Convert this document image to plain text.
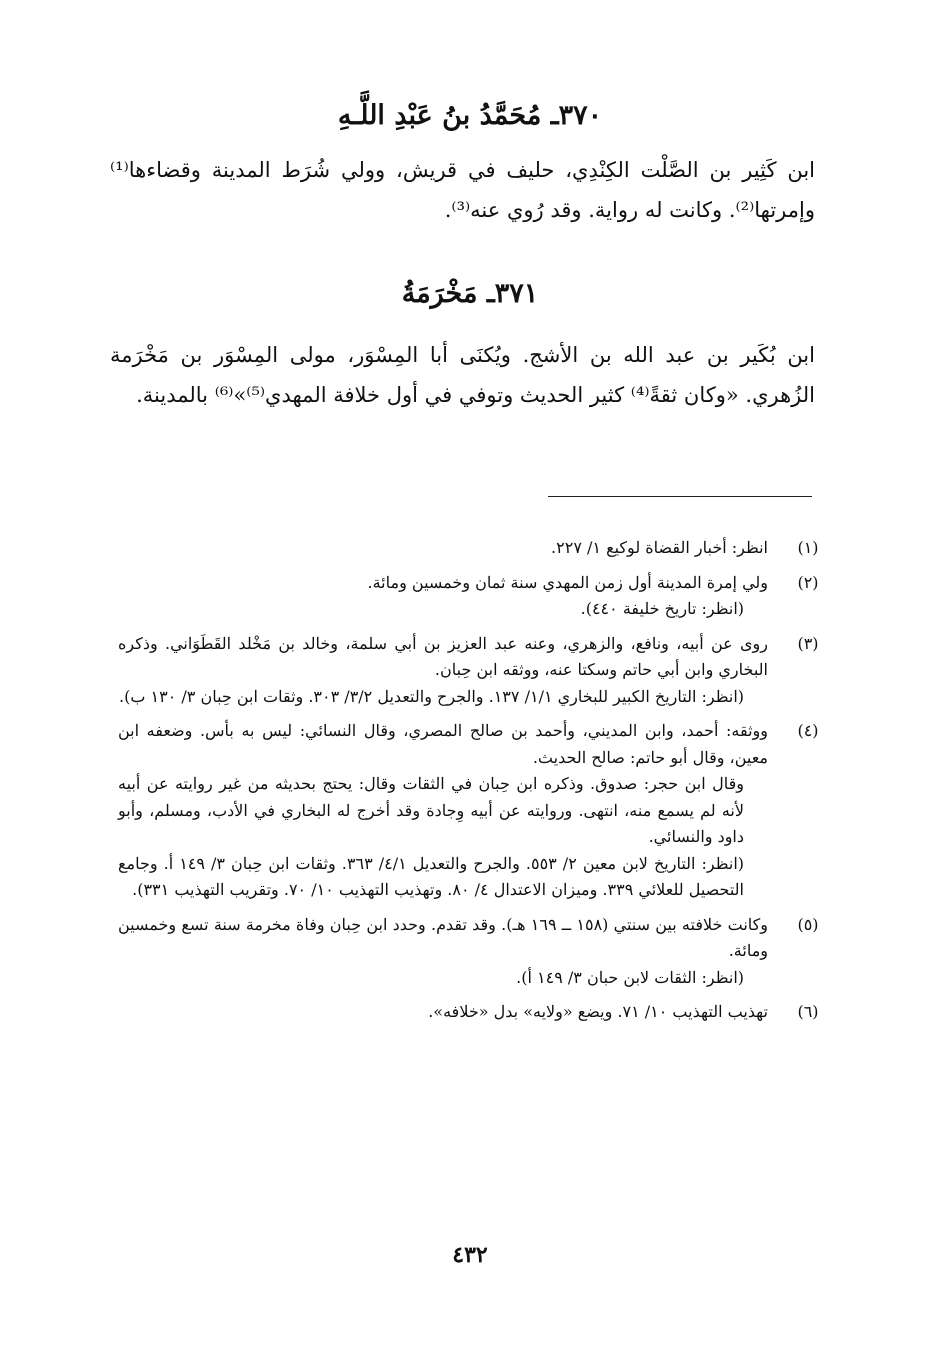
٣٧٠ـ مُحَمَّدُ بنُ عَبْدِ اللَّـهِ
ابن كَثِير بن الصَّلْت الكِنْدِي، حليف في قريش، وولي شُرَط المدينة وقضاءها⁽¹⁾ وإمرتها⁽²⁾. وكانت له رواية. وقد رُوي عنه⁽³⁾.
٣٧١ـ مَخْرَمَةُ
ابن بُكَير بن عبد الله بن الأشج. ويُكنَى أبا المِسْوَر، مولى المِسْوَر بن مَخْرَمة الزُهري. «وكان ثقةً⁽⁴⁾ كثير الحديث وتوفي في أول خلافة المهدي⁽⁵⁾»⁽⁶⁾ بالمدينة.
(١)
انظر: أخبار القضاة لوكيع ١/ ٢٢٧.
(٢)
ولي إمرة المدينة أول زمن المهدي سنة ثمان وخمسين ومائة.
(انظر: تاريخ خليفة ٤٤٠).
(٣)
روى عن أبيه، ونافع، والزهري، وعنه عبد العزيز بن أبي سلمة، وخالد بن مَخْلد القَطَوَاني. وذكره البخاري وابن أبي حاتم وسكتا عنه، ووثقه ابن حِبان.
(انظر: التاريخ الكبير للبخاري ١/١/ ١٣٧. والجرح والتعديل ٣/٢/ ٣٠٣. وثقات ابن حِبان ٣/ ١٣٠ ب).
(٤)
ووثقه: أحمد، وابن المديني، وأحمد بن صالح المصري، وقال النسائي: ليس به بأس. وضعفه ابن معين، وقال أبو حاتم: صالح الحديث.
وقال ابن حجر: صدوق. وذكره ابن حِبان في الثقات وقال: يحتج بحديثه من غير روايته عن أبيه لأنه لم يسمع منه، انتهى. وروايته عن أبيه وِجادة وقد أخرج له البخاري في الأدب، ومسلم، وأبو داود والنسائي.
(انظر: التاريخ لابن معين ٢/ ٥٥٣. والجرح والتعديل ٤/١/ ٣٦٣. وثقات ابن حِبان ٣/ ١٤٩ أ. وجامع التحصيل للعلائي ٣٣٩. وميزان الاعتدال ٤/ ٨٠. وتهذيب التهذيب ١٠/ ٧٠. وتقريب التهذيب ٣٣١).
(٥)
وكانت خلافته بين سنتي (١٥٨ ــ ١٦٩ هـ). وقد تقدم. وحدد ابن حِبان وفاة مخرمة سنة تسع وخمسين ومائة.
(انظر: الثقات لابن حبان ٣/ ١٤٩ أ).
(٦)
تهذيب التهذيب ١٠/ ٧١. ويضع «ولايه» بدل «خلافه».
٤٣٢
